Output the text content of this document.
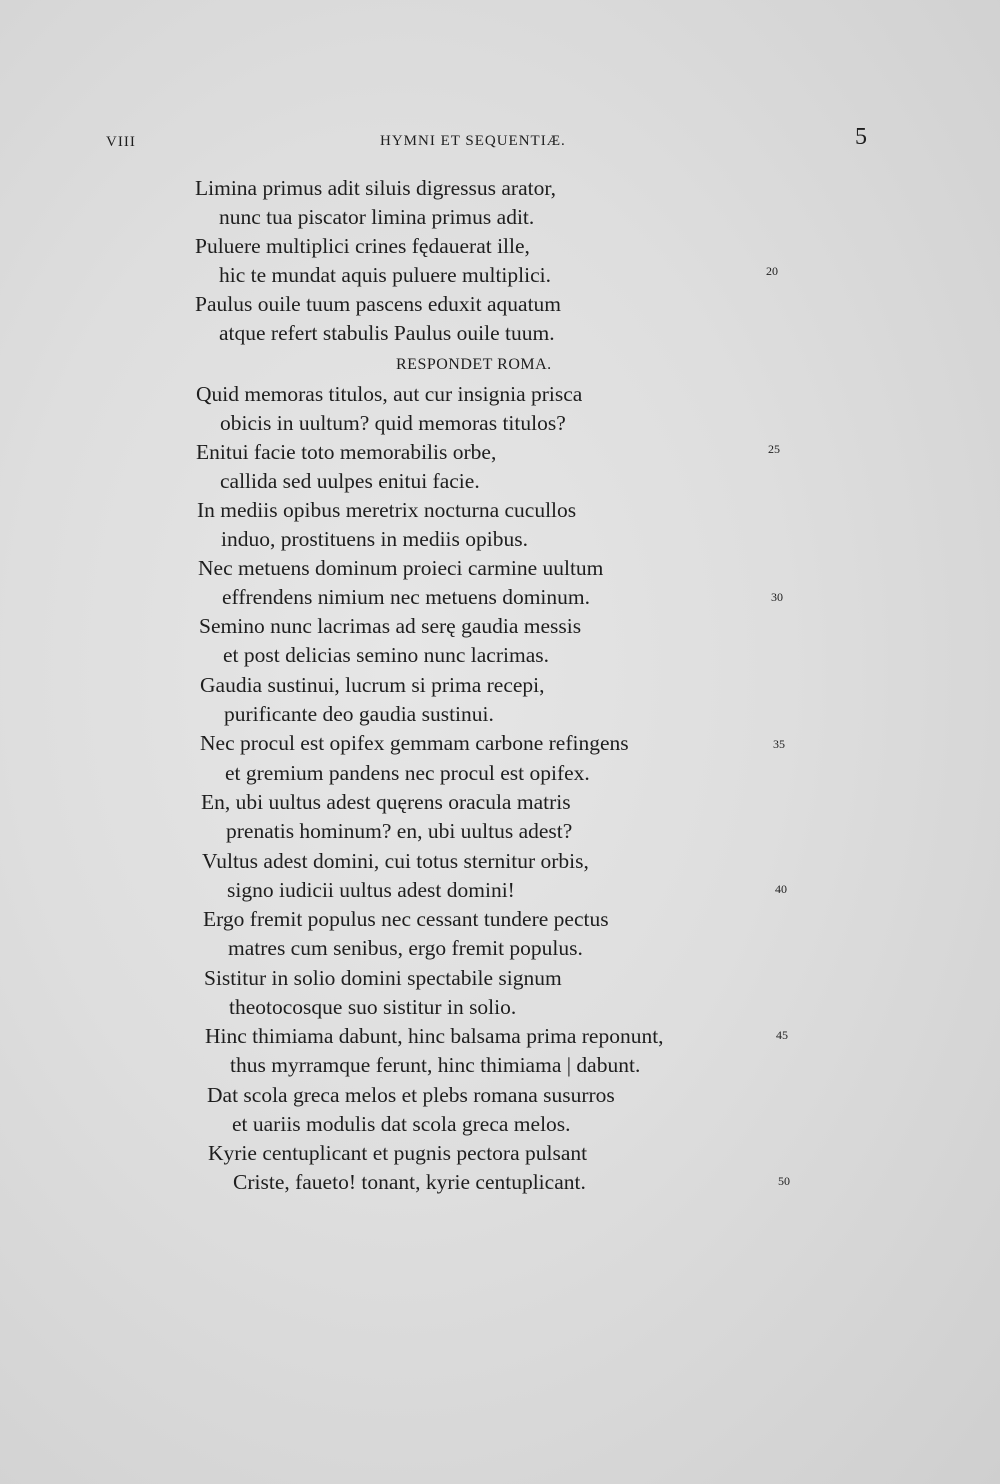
VIII	HYMNI ET SEQUENTIÆ.	5
Limina primus adit siluis digressus arator,
nunc tua piscator limina primus adit.
Puluere multiplici crines fędauerat ille,
hic te mundat aquis puluere multiplici.
Paulus ouile tuum pascens eduxit aquatum
atque refert stabulis Paulus ouile tuum.
RESPONDET ROMA.
Quid memoras titulos, aut cur insignia prisca
obicis in uultum? quid memoras titulos?
Enitui facie toto memorabilis orbe,
callida sed uulpes enitui facie.
In mediis opibus meretrix nocturna cucullos
induo, prostituens in mediis opibus.
Nec metuens dominum proieci carmine uultum
effrendens nimium nec metuens dominum.
Semino nunc lacrimas ad serę gaudia messis
et post delicias semino nunc lacrimas.
Gaudia sustinui, lucrum si prima recepi,
purificante deo gaudia sustinui.
Nec procul est opifex gemmam carbone refingens
et gremium pandens nec procul est opifex.
En, ubi uultus adest quęrens oracula matris
prenatis hominum? en, ubi uultus adest?
Vultus adest domini, cui totus sternitur orbis,
signo iudicii uultus adest domini!
Ergo fremit populus nec cessant tundere pectus
matres cum senibus, ergo fremit populus.
Sistitur in solio domini spectabile signum
theotocosque suo sistitur in solio.
Hinc thimiama dabunt, hinc balsama prima reponunt,
thus myrramque ferunt, hinc thimiama | dabunt.
Dat scola greca melos et plebs romana susurros
et uariis modulis dat scola greca melos.
Kyrie centuplicant et pugnis pectora pulsant
Criste, faueto! tonant, kyrie centuplicant.
20
25
30
35
40
45
50
